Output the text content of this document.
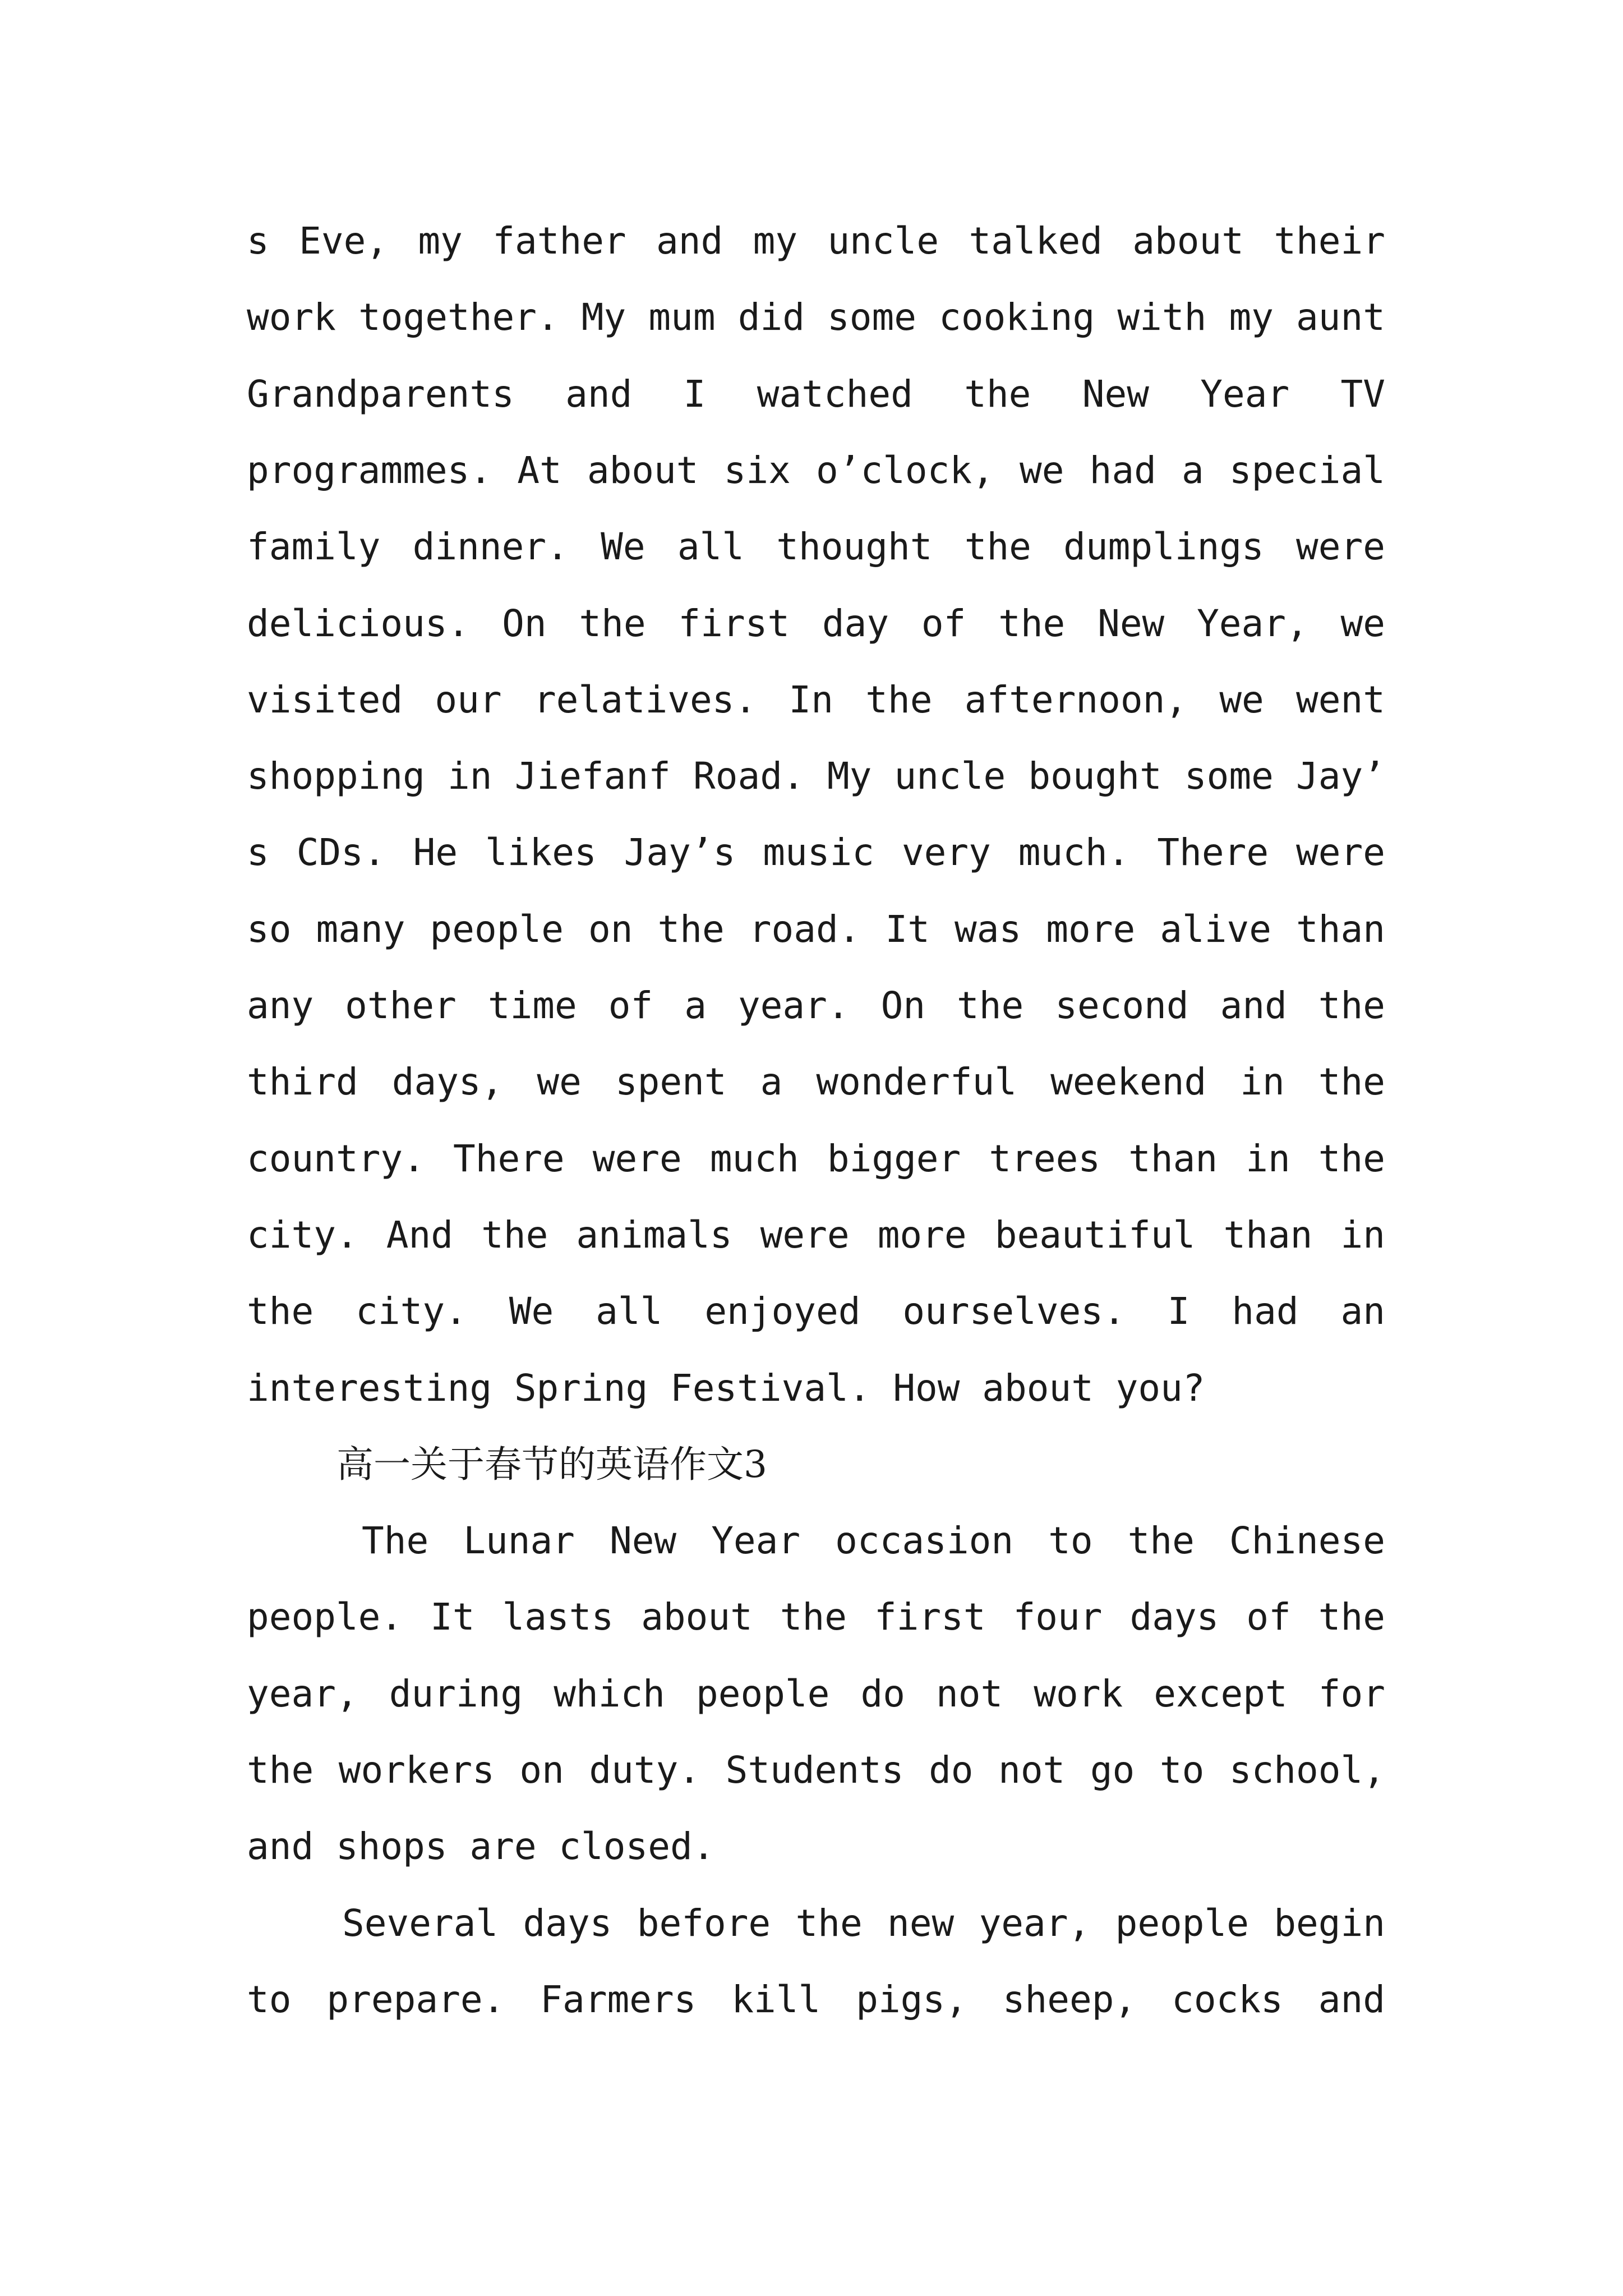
s Eve, my father and my uncle talked about their
work together. My mum did some cooking with my aunt
Grandparents and I watched the New Year TV
programmes. At about six o’clock, we had a special
family dinner. We all thought the dumplings were
delicious. On the first day of the New Year, we
visited our relatives. In the afternoon, we went
shopping in Jiefanf Road. My uncle bought some Jay’
s CDs. He likes Jay’s music very much. There were
so many people on the road. It was more alive than
any other time of a year. On the second and the
third days, we spent a wonderful weekend in the
country. There were much bigger trees than in the
city. And the animals were more beautiful than in
the city. We all enjoyed ourselves. I had an
interesting Spring Festival. How about you?
高一关于春节的英语作文3
The Lunar New Year occasion to the Chinese
people. It lasts about the first four days of the
year, during which people do not work except for
the workers on duty. Students do not go to school,
and shops are closed.
Several days before the new year, people begin
to prepare. Farmers kill pigs, sheep, cocks and
